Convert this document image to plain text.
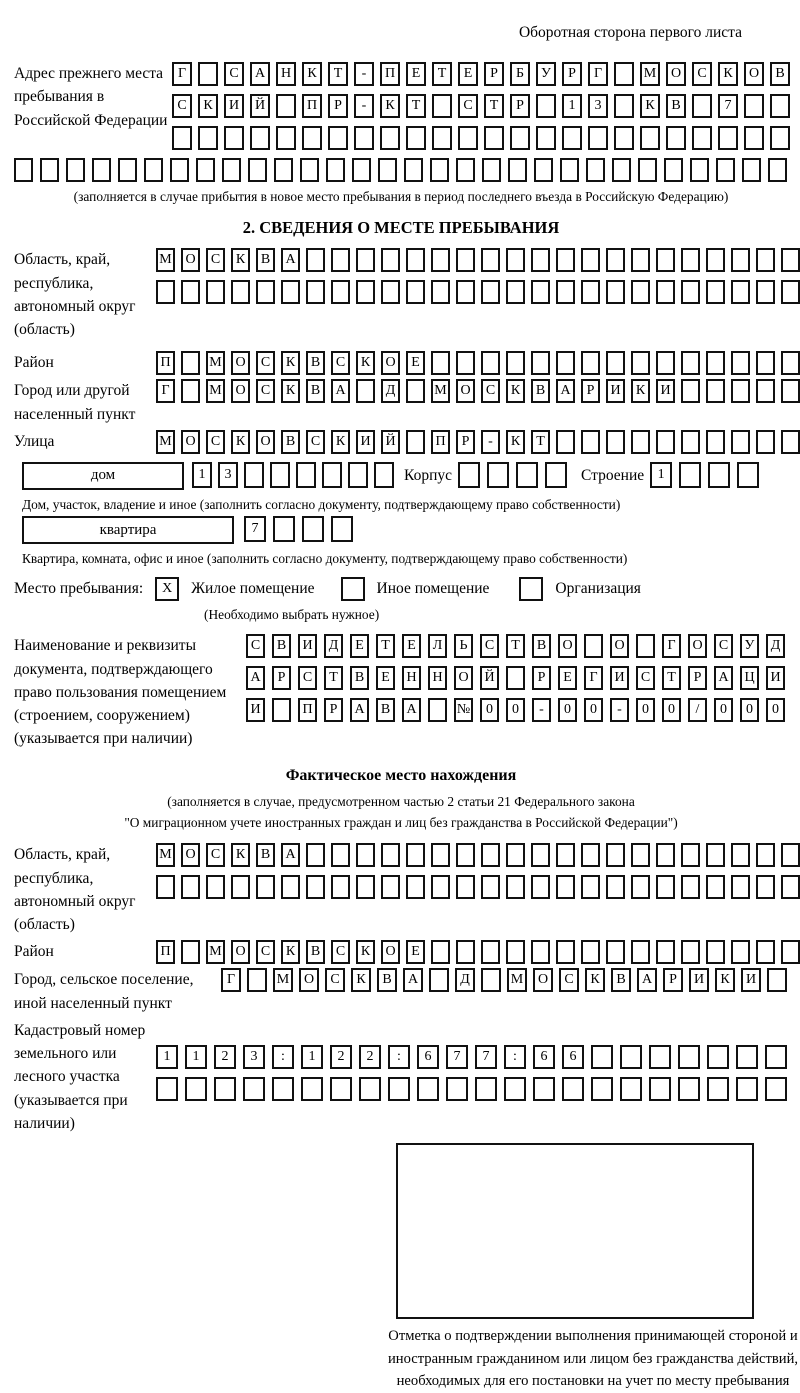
Оборотная сторона первого листа
Адрес прежнего места пребывания в Российской Федерации
Г	С	А	Н	К	Т	-	П	Е	Т	Е	Р	Б	У	Р	Г	М	О	С	К	О	В
С	К	И	Й	П	Р	-	К	Т	С	Т	Р	1	3	К	В	7
(заполняется в случае прибытия в новое место пребывания в период последнего въезда в Российскую Федерацию)
2. СВЕДЕНИЯ О МЕСТЕ ПРЕБЫВАНИЯ
Область, край, республика, автономный округ (область)
М О	С	К	В	А
Район	П	М О	С	К	В	С	К	О	Е
Город или другой населенный пункт
Г	М О	С	К	В	А	Д	М О	С	К	В	А	Р	И	К	И
Улица	М О	С	К	О	В	С	К	И	Й	П	Р	-	К	Т
дом	1	3	Корпус	Строение 1
Дом, участок, владение и иное (заполнить согласно документу, подтверждающему право собственности)
квартира	7
Квартира, комната, офис и иное (заполнить согласно документу, подтверждающему право собственности)
Место пребывания:	X	Жилое помещение	Иное помещение	Организация
(Необходимо выбрать нужное)
Наименование и реквизиты документа, подтверждающего право пользования помещением (строением, сооружением) (указывается при наличии)
С	В	И	Д	Е	Т	Е	Л	Ь	С	Т	В	О	О	Г	О	С	У	Д
А	Р	С	Т	В	Е	Н	Н	О	Й	Р	Е	Г	И	С	Т	Р	А	Ц	И
И	П	Р	А	В	А	№	0	0	-	0	0	-	0	0	/	0	0	0
Фактическое место нахождения
(заполняется в случае, предусмотренном частью 2 статьи 21 Федерального закона
"О миграционном учете иностранных граждан и лиц без гражданства в Российской Федерации")
Область, край, республика, автономный округ (область)
М О	С	К	В	А
Район	П	М О	С	К	В	С	К	О	Е
Город, сельское поселение, иной населенный пункт
Г	М	О	С	К	В	А	Д	М	О	С	К	В	А	Р	И	К	И
Кадастровый номер земельного или лесного участка (указывается при наличии)
1	1	2	3	:	1	2	2	:	6	7	7	:	6	6
Отметка о подтверждении выполнения принимающей стороной и иностранным гражданином или лицом без гражданства действий, необходимых для его постановки на учет по месту пребывания
